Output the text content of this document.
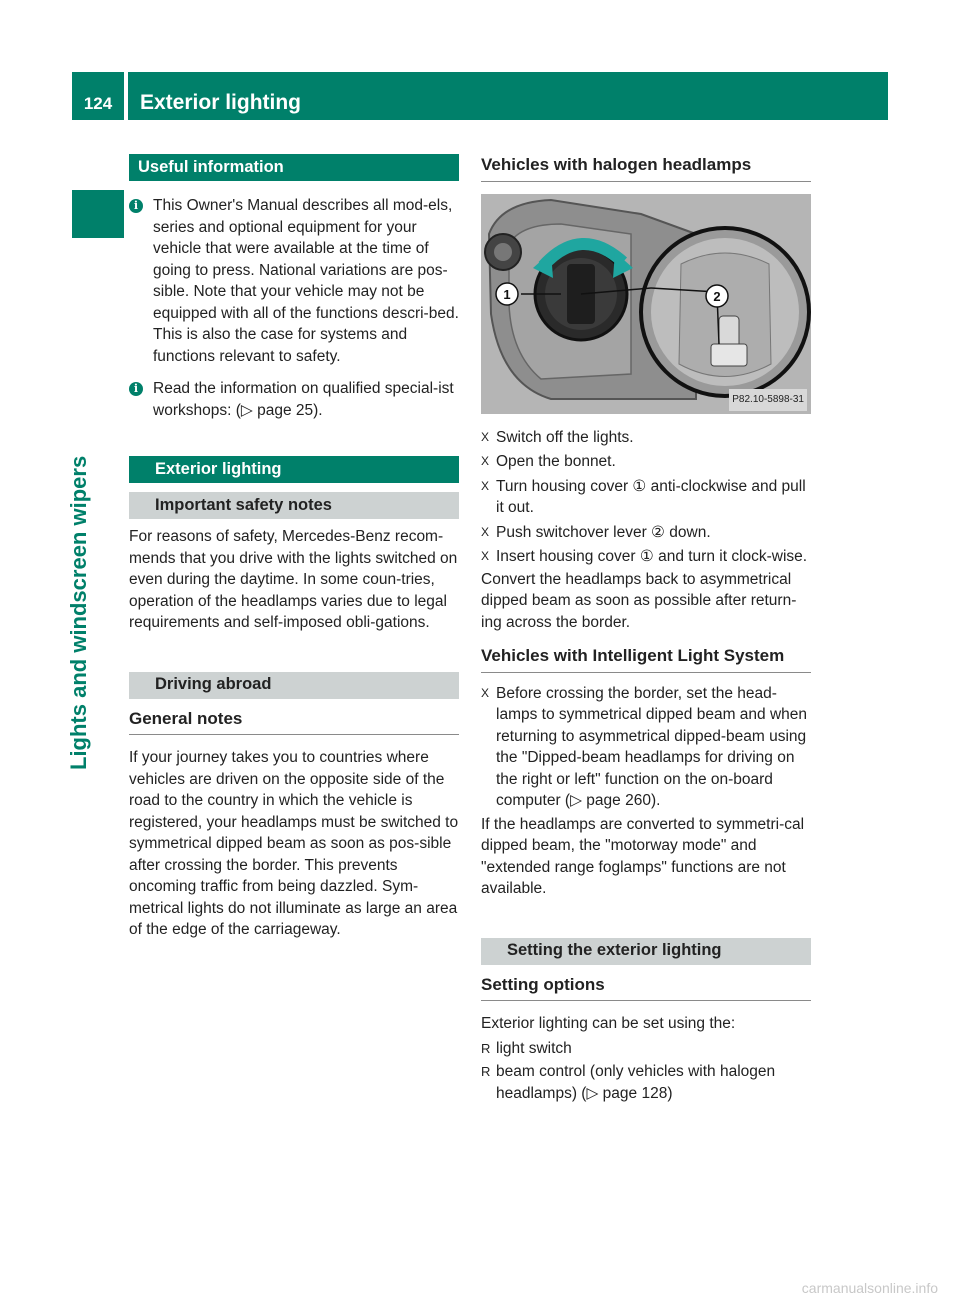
124	Exterior lighting
Lights and windscreen wipers
Useful information
i This Owner's Manual describes all mod-els, series and optional equipment for your vehicle that were available at the time of going to press. National variations are pos-sible. Note that your vehicle may not be equipped with all of the functions descri-bed. This is also the case for systems and functions relevant to safety.
i Read the information on qualified special-ist workshops: (▷ page 25).
Exterior lighting
Important safety notes

For reasons of safety, Mercedes-Benz recom-mends that you drive with the lights switched on even during the daytime. In some coun-tries, operation of the headlamps varies due to legal requirements and self-imposed obli-gations.

Driving abroad
General notes

If your journey takes you to countries where vehicles are driven on the opposite side of the road to the country in which the vehicle is registered, your headlamps must be switched to symmetrical dipped beam as soon as pos-sible after crossing the border. This prevents oncoming traffic from being dazzled. Sym-metrical lights do not illuminate as large an area of the edge of the carriageway.

Vehicles with halogen headlamps
1	2
P82.10-5898-31
X Switch off the lights.
X Open the bonnet.
X Turn housing cover ① anti-clockwise and pull it out.
X Push switchover lever ② down.
X Insert housing cover ① and turn it clock-wise.

Convert the headlamps back to asymmetrical dipped beam as soon as possible after return-ing across the border.

Vehicles with Intelligent Light System
X Before crossing the border, set the head-lamps to symmetrical dipped beam and when returning to asymmetrical dipped-beam using the "Dipped-beam headlamps for driving on the right or left" function on the on-board computer (▷ page 260).

If the headlamps are converted to symmetri-cal dipped beam, the "motorway mode" and "extended range foglamps" functions are not available.

Setting the exterior lighting
Setting options

Exterior lighting can be set using the:

R light switch
R beam control (only vehicles with halogen headlamps) (▷ page 128)
carmanualsonline.info
